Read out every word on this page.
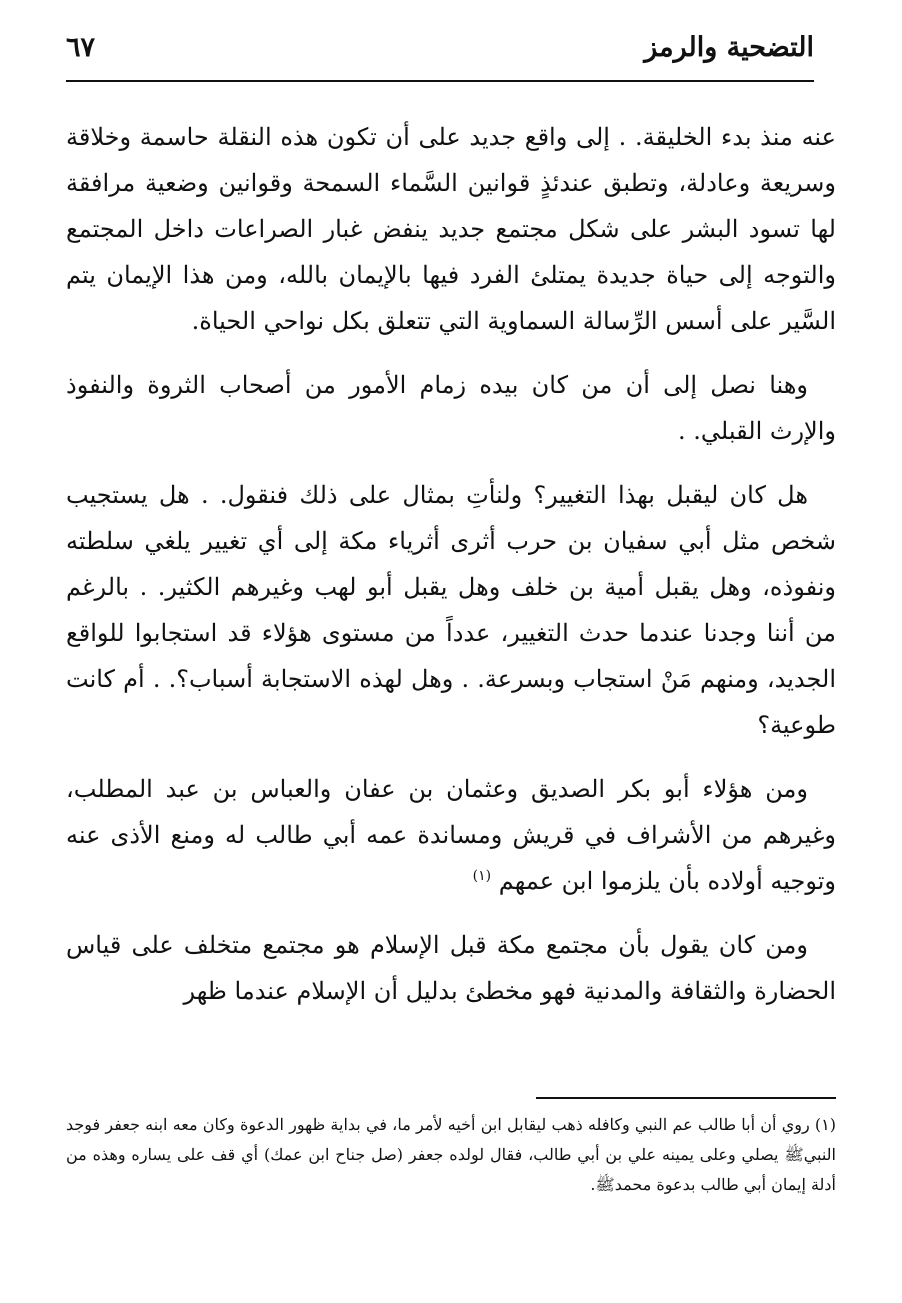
التضحية والرمز
٦٧

عنه منذ بدء الخليقة. . إلى واقع جديد على أن تكون هذه النقلة حاسمة وخلاقة وسريعة وعادلة، وتطبق عندئذٍ قوانين السَّماء السمحة وقوانين وضعية مرافقة لها تسود البشر على شكل مجتمع جديد ينفض غبار الصراعات داخل المجتمع والتوجه إلى حياة جديدة يمتلئ الفرد فيها بالإيمان بالله، ومن هذا الإيمان يتم السَّير على أسس الرِّسالة السماوية التي تتعلق بكل نواحي الحياة.

وهنا نصل إلى أن من كان بيده زمام الأمور من أصحاب الثروة والنفوذ والإرث القبلي. .

هل كان ليقبل بهذا التغيير؟ ولنأتِ بمثال على ذلك فنقول. . هل يستجيب شخص مثل أبي سفيان بن حرب أثرى أثرياء مكة إلى أي تغيير يلغي سلطته ونفوذه، وهل يقبل أمية بن خلف وهل يقبل أبو لهب وغيرهم الكثير. . بالرغم من أننا وجدنا عندما حدث التغيير، عدداً من مستوى هؤلاء قد استجابوا للواقع الجديد، ومنهم مَنْ استجاب وبسرعة. . وهل لهذه الاستجابة أسباب؟. . أم كانت طوعية؟

ومن هؤلاء أبو بكر الصديق وعثمان بن عفان والعباس بن عبد المطلب، وغيرهم من الأشراف في قريش ومساندة عمه أبي طالب له ومنع الأذى عنه وتوجيه أولاده بأن يلزموا ابن عمهم $^{(١)}$

ومن كان يقول بأن مجتمع مكة قبل الإسلام هو مجتمع متخلف على قياس الحضارة والثقافة والمدنية فهو مخطئ بدليل أن الإسلام عندما ظهر

(١) روي أن أبا طالب عم النبي وكافله ذهب ليقابل ابن أخيه لأمر ما، في بداية ظهور الدعوة وكان معه ابنه جعفر فوجد النبيﷺ يصلي وعلى يمينه علي بن أبي طالب، فقال لولده جعفر (صل جناح ابن عمك) أي قف على يساره وهذه من أدلة إيمان أبي طالب بدعوة محمدﷺ.
